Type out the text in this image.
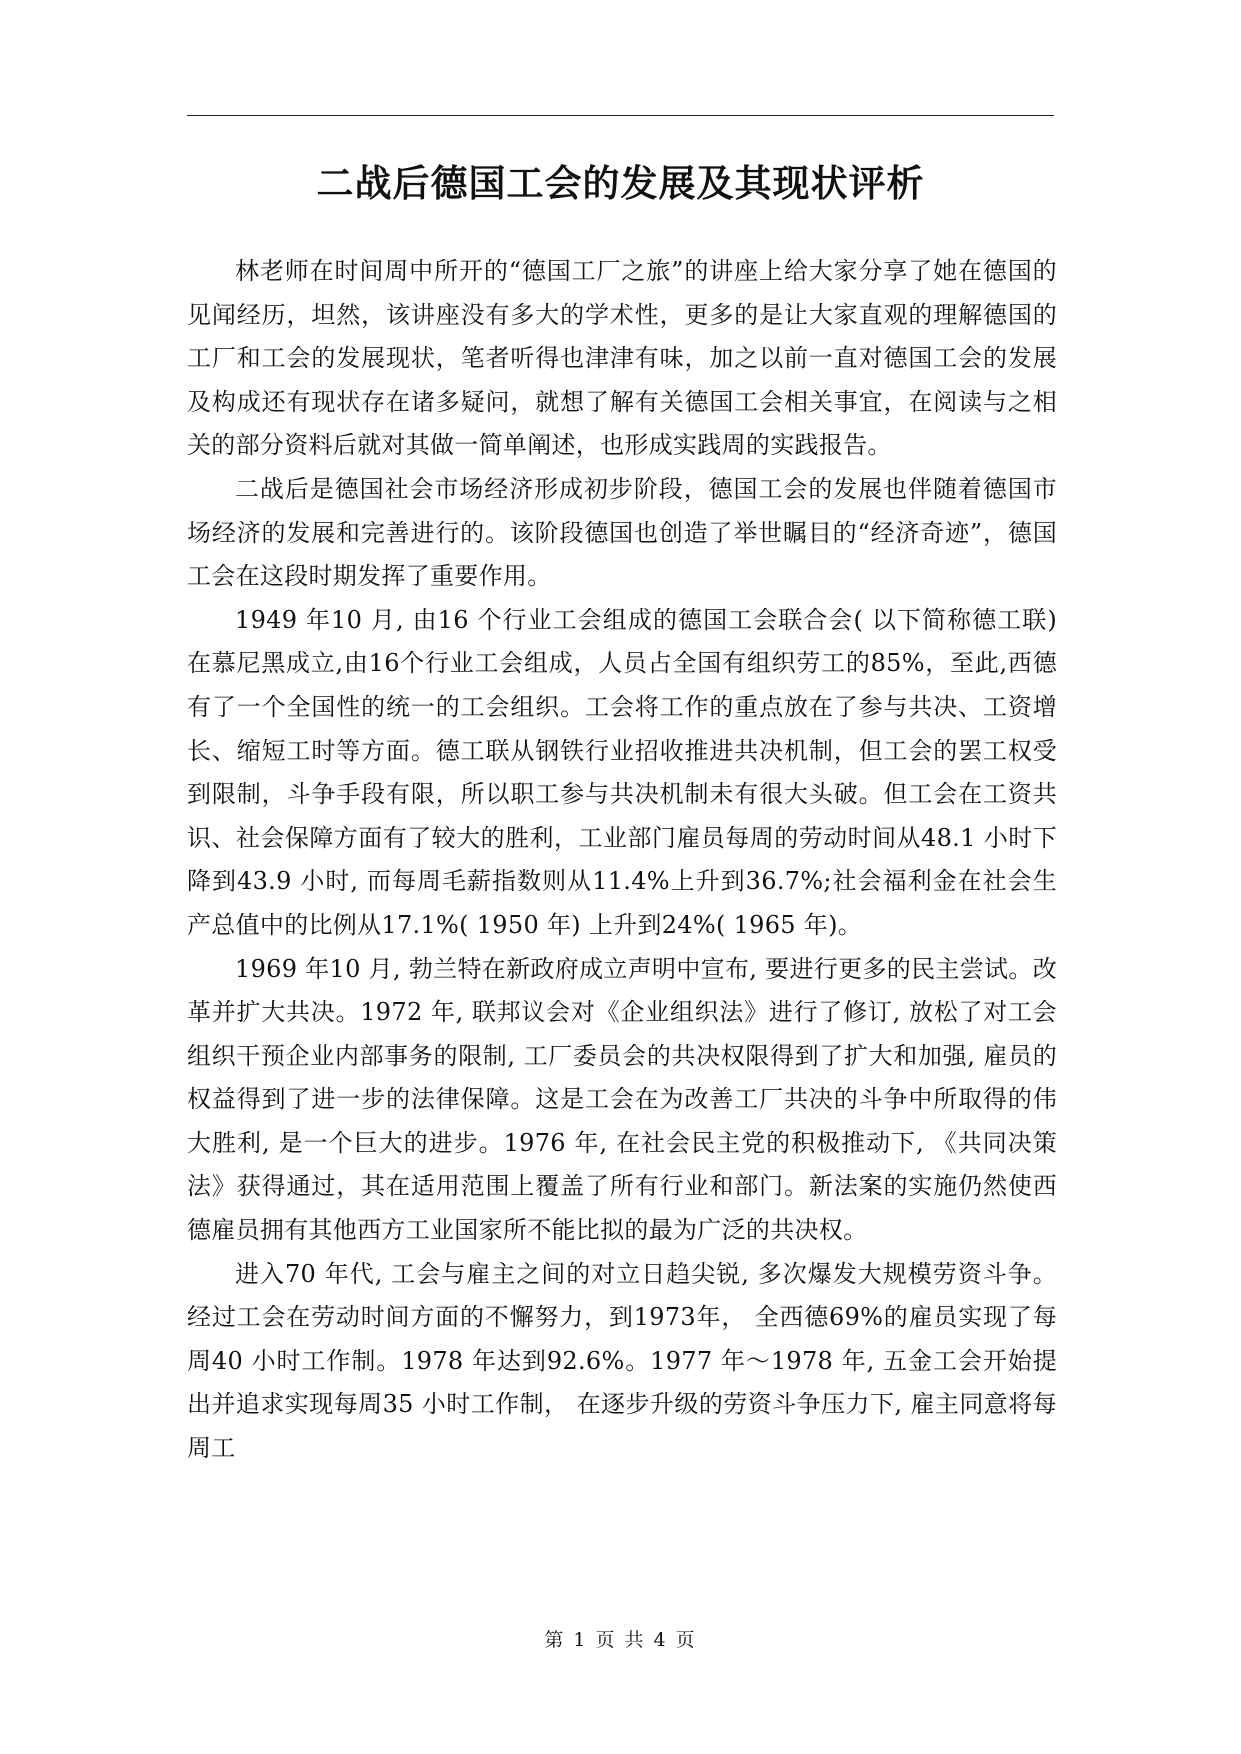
二战后德国工会的发展及其现状评析

林老师在时间周中所开的“德国工厂之旅”的讲座上给大家分享了她在德国的见闻经历，坦然，该讲座没有多大的学术性，更多的是让大家直观的理解德国的工厂和工会的发展现状，笔者听得也津津有味，加之以前一直对德国工会的发展及构成还有现状存在诸多疑问，就想了解有关德国工会相关事宜，在阅读与之相关的部分资料后就对其做一简单阐述，也形成实践周的实践报告。

二战后是德国社会市场经济形成初步阶段，德国工会的发展也伴随着德国市场经济的发展和完善进行的。该阶段德国也创造了举世瞩目的“经济奇迹”，德国工会在这段时期发挥了重要作用。

1949 年10 月, 由16 个行业工会组成的德国工会联合会( 以下简称德工联)在慕尼黑成立,由16个行业工会组成，人员占全国有组织劳工的85%，至此,西德有了一个全国性的统一的工会组织。工会将工作的重点放在了参与共决、工资增长、缩短工时等方面。德工联从钢铁行业招收推进共决机制，但工会的罢工权受到限制，斗争手段有限，所以职工参与共决机制未有很大头破。但工会在工资共识、社会保障方面有了较大的胜利，工业部门雇员每周的劳动时间从48.1 小时下降到43.9 小时, 而每周毛薪指数则从11.4%上升到36.7%;社会福利金在社会生产总值中的比例从17.1%( 1950 年) 上升到24%( 1965 年)。

1969 年10 月, 勃兰特在新政府成立声明中宣布, 要进行更多的民主尝试。改革并扩大共决。1972 年, 联邦议会对《企业组织法》进行了修订, 放松了对工会组织干预企业内部事务的限制, 工厂委员会的共决权限得到了扩大和加强, 雇员的权益得到了进一步的法律保障。这是工会在为改善工厂共决的斗争中所取得的伟大胜利, 是一个巨大的进步。1976 年, 在社会民主党的积极推动下, 《共同决策法》获得通过，其在适用范围上覆盖了所有行业和部门。新法案的实施仍然使西德雇员拥有其他西方工业国家所不能比拟的最为广泛的共决权。

进入70 年代, 工会与雇主之间的对立日趋尖锐, 多次爆发大规模劳资斗争。经过工会在劳动时间方面的不懈努力，到1973年， 全西德69%的雇员实现了每周40 小时工作制。1978 年达到92.6%。1977 年～1978 年, 五金工会开始提出并追求实现每周35 小时工作制， 在逐步升级的劳资斗争压力下, 雇主同意将每周工

第 1 页 共 4 页
